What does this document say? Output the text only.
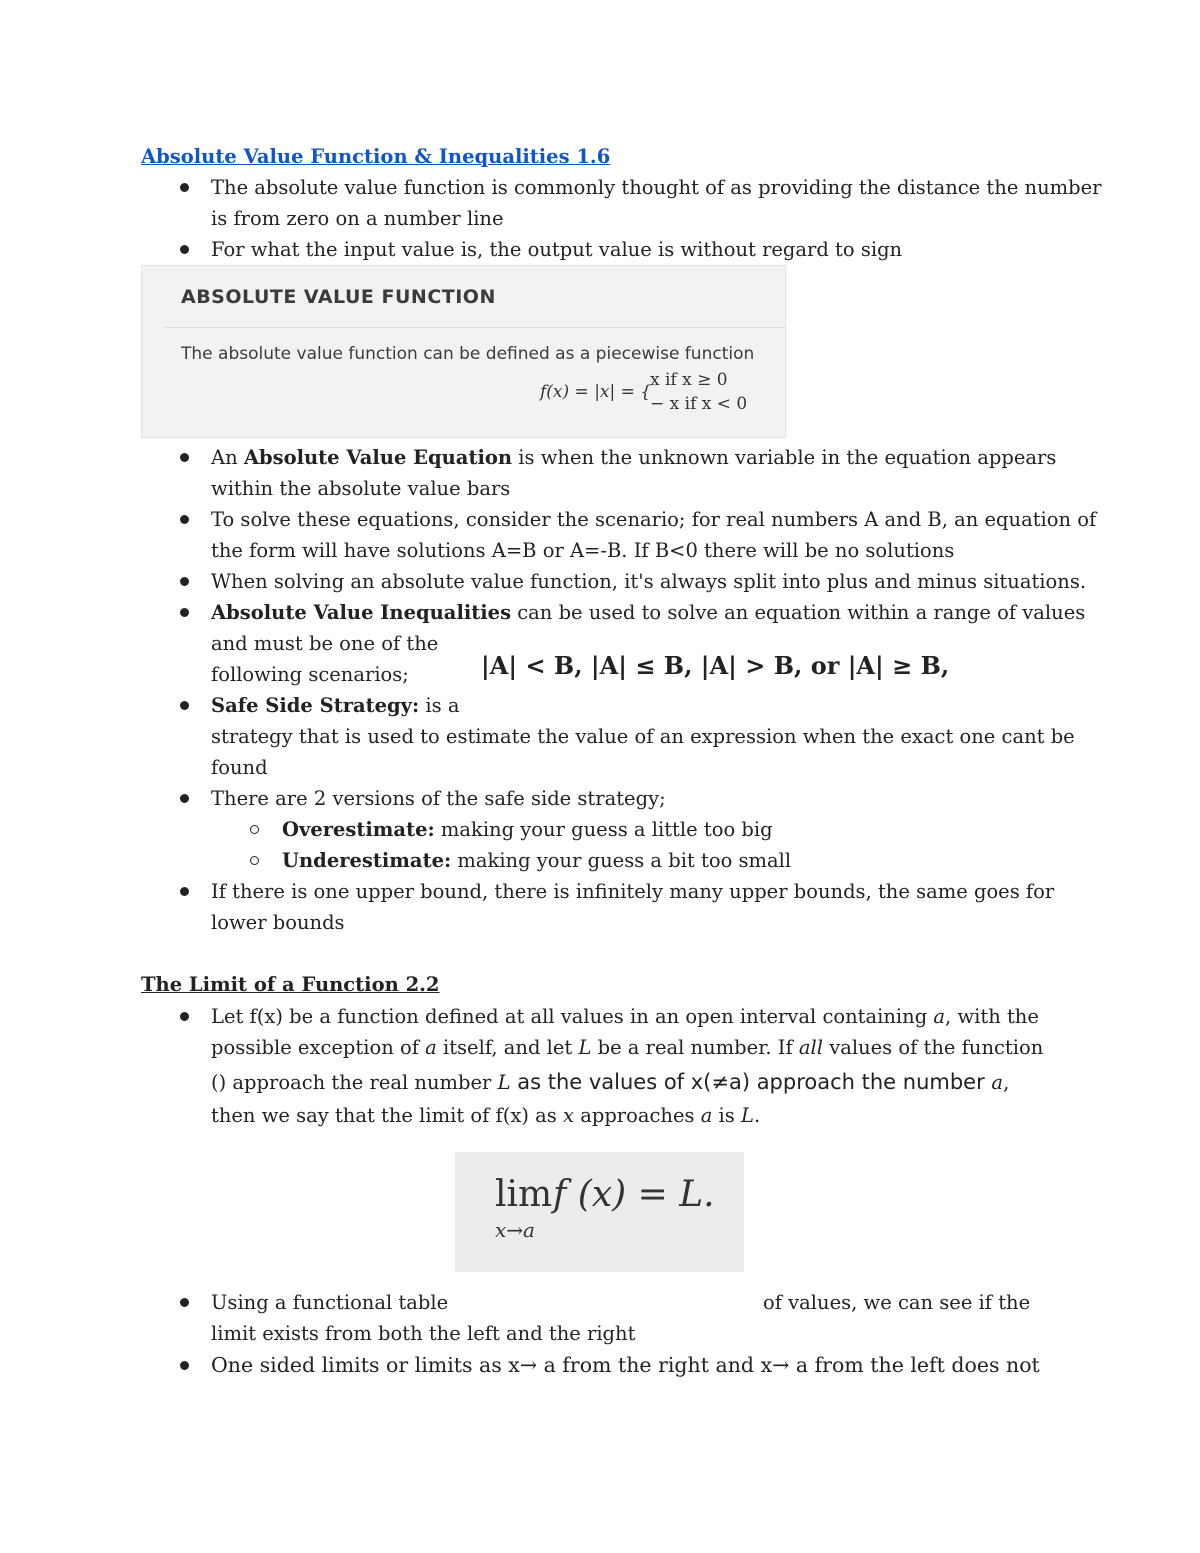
Absolute Value Function & Inequalities 1.6
The absolute value function is commonly thought of as providing the distance the number
is from zero on a number line
For what the input value is, the output value is without regard to sign
ABSOLUTE VALUE FUNCTION
The absolute value function can be defined as a piecewise function
f(x) = |x| = {
x if x ≥ 0
− x if x < 0
An Absolute Value Equation is when the unknown variable in the equation appears
within the absolute value bars
To solve these equations, consider the scenario; for real numbers A and B, an equation of
the form will have solutions A=B or A=-B. If B<0 there will be no solutions
When solving an absolute value function, it's always split into plus and minus situations.
Absolute Value Inequalities can be used to solve an equation within a range of values
and must be one of the
following scenarios;	|A| < B, |A| ≤ B, |A| > B, or |A| ≥ B,
Safe Side Strategy: is a
strategy that is used to estimate the value of an expression when the exact one cant be
found
There are 2 versions of the safe side strategy;
Overestimate: making your guess a little too big
Underestimate: making your guess a bit too small
If there is one upper bound, there is infinitely many upper bounds, the same goes for
lower bounds
The Limit of a Function 2.2
Let f(x) be a function defined at all values in an open interval containing a, with the
possible exception of a itself, and let L be a real number. If all values of the function
() approach the real number L as the values of x(≠a) approach the number a,
then we say that the limit of f(x) as x approaches a is L.
lim
x→a
f (x) = L.
Using a functional table	of values, we can see if the
limit exists from both the left and the right
One sided limits or limits as x→ a from the right and x→ a from the left does not
